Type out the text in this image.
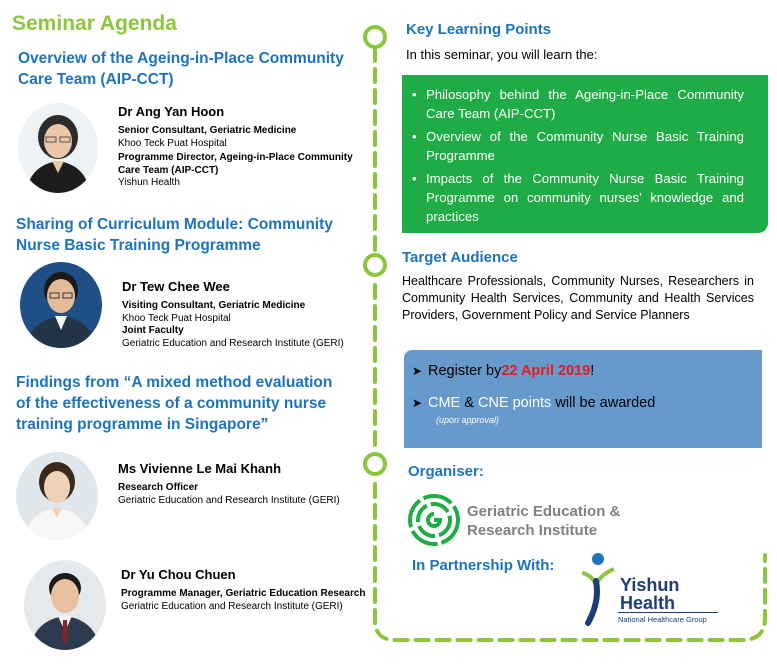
Seminar Agenda
Overview of the Ageing-in-Place Community
Care Team (AIP-CCT)
Dr Ang Yan Hoon
Senior Consultant, Geriatric Medicine
Khoo Teck Puat Hospital
Programme Director, Ageing-in-Place Community
Care Team (AIP-CCT)
Yishun Health
Sharing of Curriculum Module: Community
Nurse Basic Training Programme
Dr Tew Chee Wee
Visiting Consultant, Geriatric Medicine
Khoo Teck Puat Hospital
Joint Faculty
Geriatric Education and Research Institute (GERI)
Findings from “A mixed method evaluation
of the effectiveness of a community nurse
training programme in Singapore”
Ms Vivienne Le Mai Khanh
Research Officer
Geriatric Education and Research Institute (GERI)
Dr Yu Chou Chuen
Programme Manager, Geriatric Education Research
Geriatric Education and Research Institute (GERI)
Key Learning Points
In this seminar, you will learn the:
• Philosophy behind the Ageing-in-Place Community Care Team (AIP-CCT)
• Overview of the Community Nurse Basic Training Programme
• Impacts of the Community Nurse Basic Training Programme on community nurses’ knowledge and practices
Target Audience
Healthcare Professionals, Community Nurses, Researchers in Community Health Services, Community and Health Services Providers, Government Policy and Service Planners
➤ Register by 22 April 2019 !
➤ CME & CNE points will be awarded
(upon approval)
Organiser:
Geriatric Education &
Research Institute
In Partnership With:
Yishun
Health
National Healthcare Group
